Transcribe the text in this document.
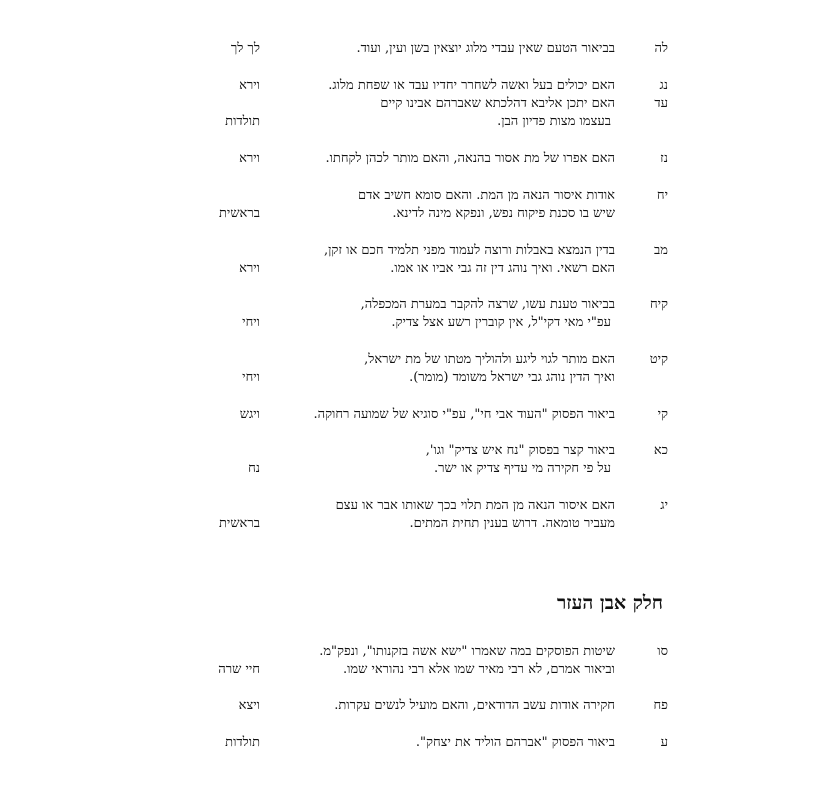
לה
בביאור הטעם שאין עבדי מלוג יוצאין בשן ועין, ועוד.
לך לך
נג
האם יכולים בעל ואשה לשחרר יחדיו עבד או שפחת מלוג.
וירא
עד
האם יתכן אליבא דהלכתא שאברהם אבינו קיים
בעצמו מצות פדיון הבן.
תולדות
נז
האם אפרו של מת אסור בהנאה, והאם מותר לכהן לקחתו.
וירא
יח
אודות איסור הנאה מן המת. והאם סומא חשיב אדם
שיש בו סכנת פיקוח נפש, ונפקא מינה לדינא.
בראשית
מב
בדין הנמצא באבלות ורוצה לעמוד מפני תלמיד חכם או זקן,
האם רשאי. ואיך נוהג דין זה גבי אביו או אמו.
וירא
קיח
בביאור טענת עשו, שרצה להקבר במערת המכפלה,
עפ"י מאי דקי"ל, אין קוברין רשע אצל צדיק.
ויחי
קיט
האם מותר לגוי ליגע ולהוליך מטתו של מת ישראל,
ואיך הדין נוהג גבי ישראל משומד (מומר).
ויחי
קי
ביאור הפסוק "העוד אבי חי", עפ"י סוגיא של שמועה רחוקה.
ויגש
כא
ביאור קצר בפסוק "נח איש צדיק" וגו',
על פי חקירה מי עדיף צדיק או ישר.
נח
יג
האם איסור הנאה מן המת תלוי בכך שאותו אבר או עצם
מעביר טומאה. דרוש בענין תחית המתים.
בראשית
חלק אבן העזר
סו
שיטות הפוסקים במה שאמרו "ישא אשה בזקנותו", ונפק"מ.
וביאור אמרם, לא רבי מאיר שמו אלא רבי נהוראי שמו.
חיי שרה
פח
חקירה אודות עשב הדודאים, והאם מועיל לנשים עקרות.
ויצא
ע
ביאור הפסוק "אברהם הוליד את יצחק".
תולדות
